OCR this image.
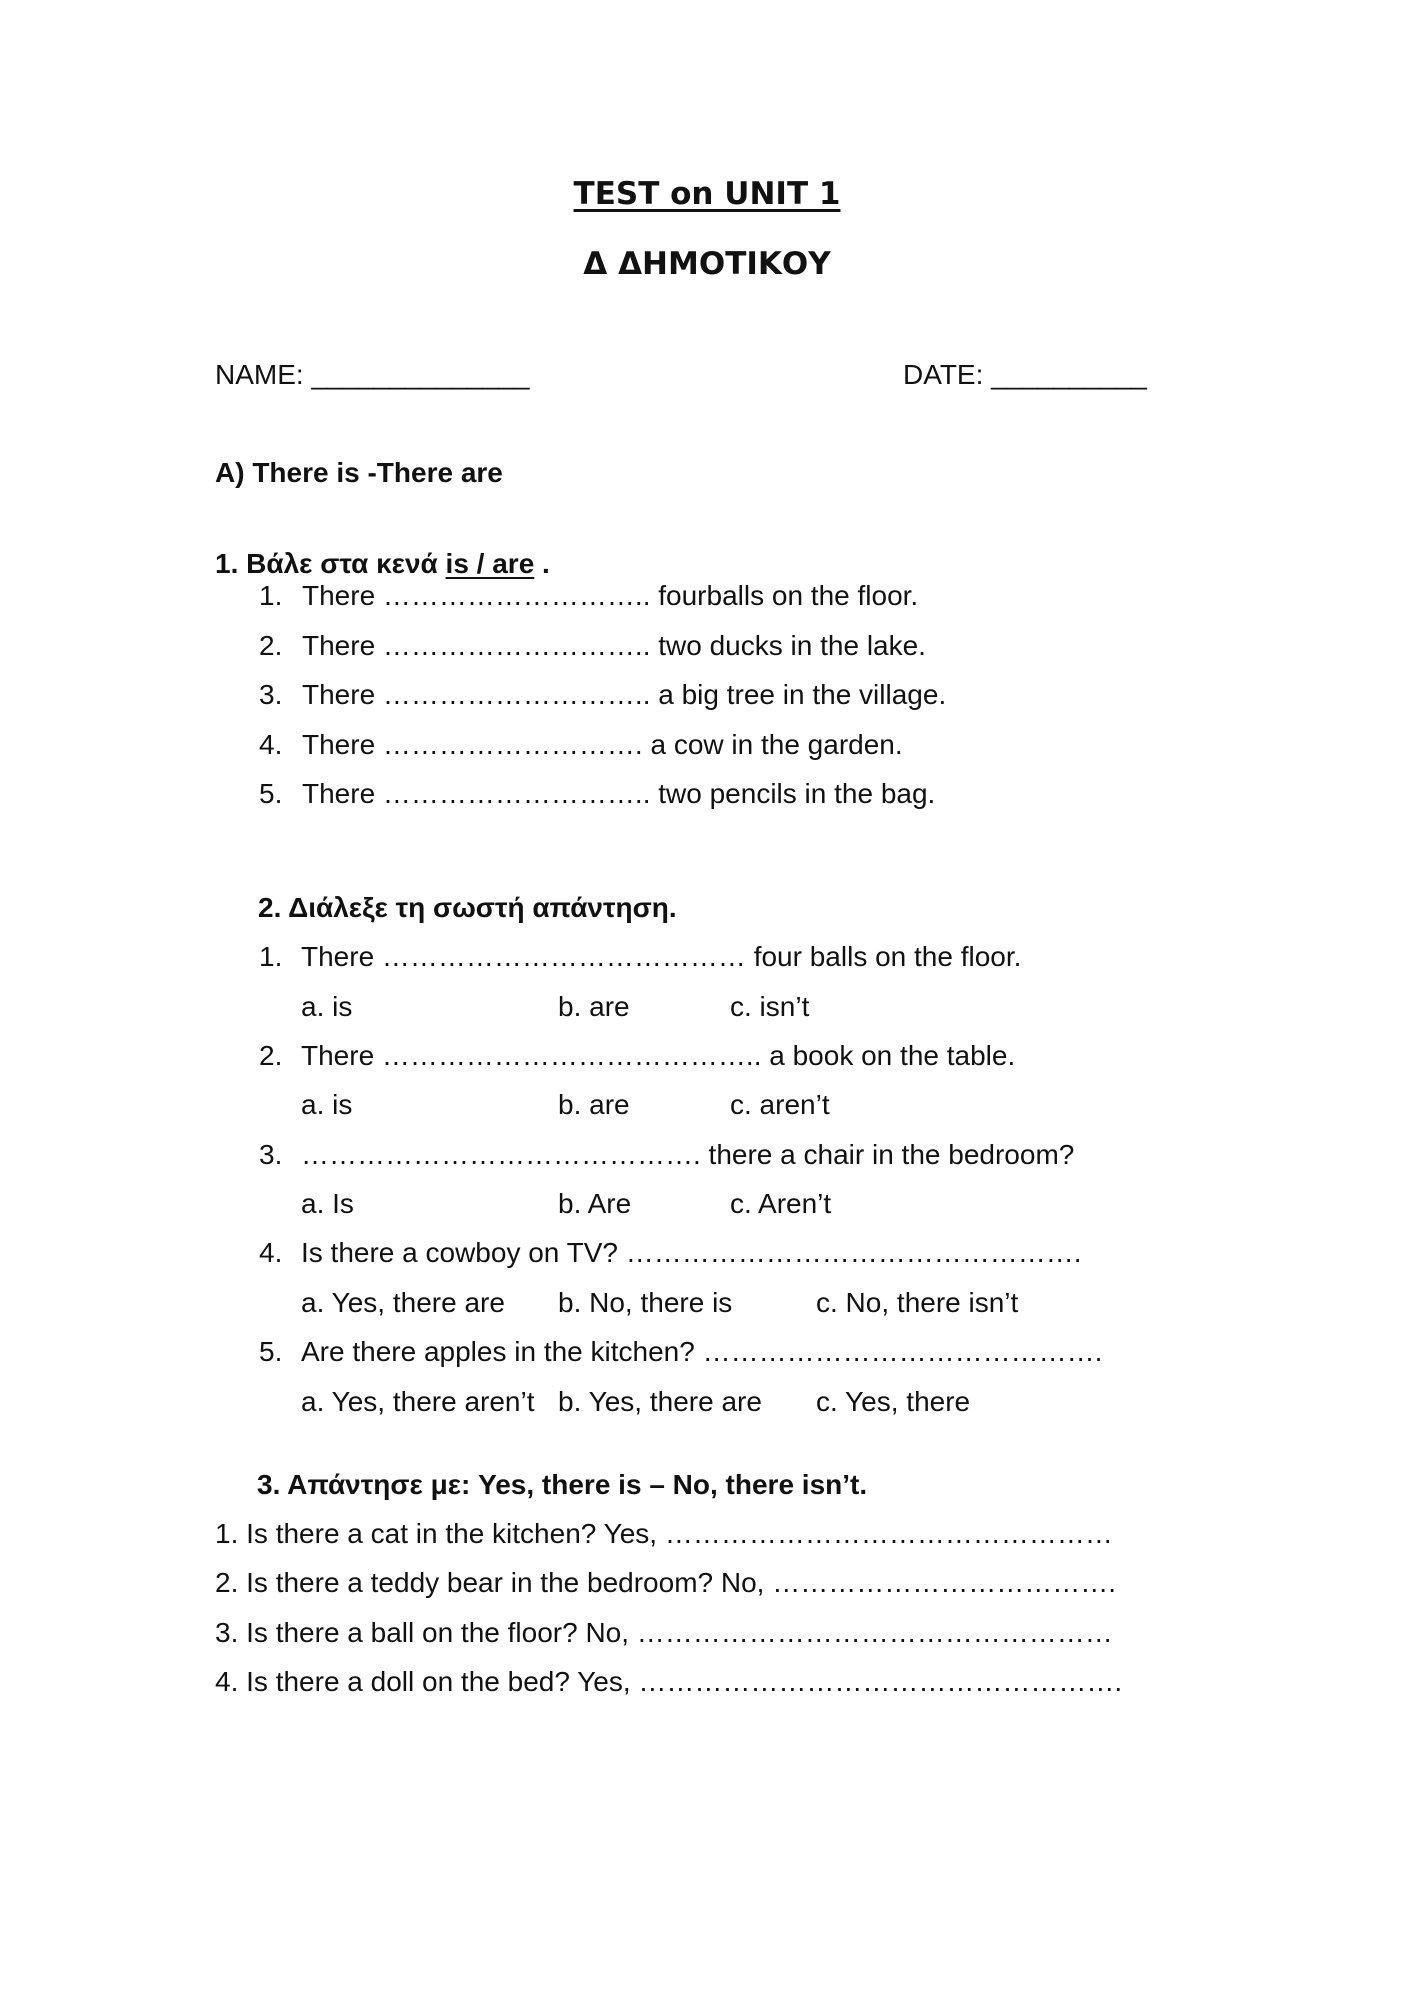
TEST on UNIT 1
Δ ΔΗΜΟΤΙΚΟΥ
NAME: ______________	DATE: __________
A) There is -There are
1. Βάλε στα κενά is / are .
1. There ……………………….. fourballs on the floor.
2. There ……………………….. two ducks in the lake.
3. There ……………………….. a big tree in the village.
4. There ………………………. a cow in the garden.
5. There ……………………….. two pencils in the bag.
2. Διάλεξε τη σωστή απάντηση.
1. There ………………………………… four balls on the floor.
a. is	b. are	c. isn’t
2. There ………………………………….. a book on the table.
a. is	b. are	c. aren’t
3. ……………………………………. there a chair in the bedroom?
a. Is	b. Are	c. Aren’t
4. Is there a cowboy on TV? ………………………………………….
a. Yes, there are b. No, there is	c. No, there isn’t
5. Are there apples in the kitchen? …………………………………….
a. Yes, there aren’t b. Yes, there are c. Yes, there
3. Απάντησε με: Yes, there is – No, there isn’t.
1. Is there a cat in the kitchen? Yes, …………………………………………
2. Is there a teddy bear in the bedroom? No, ……………………………….
3. Is there a ball on the floor? No, ……………………………………………
4. Is there a doll on the bed? Yes, …………………………………………….
